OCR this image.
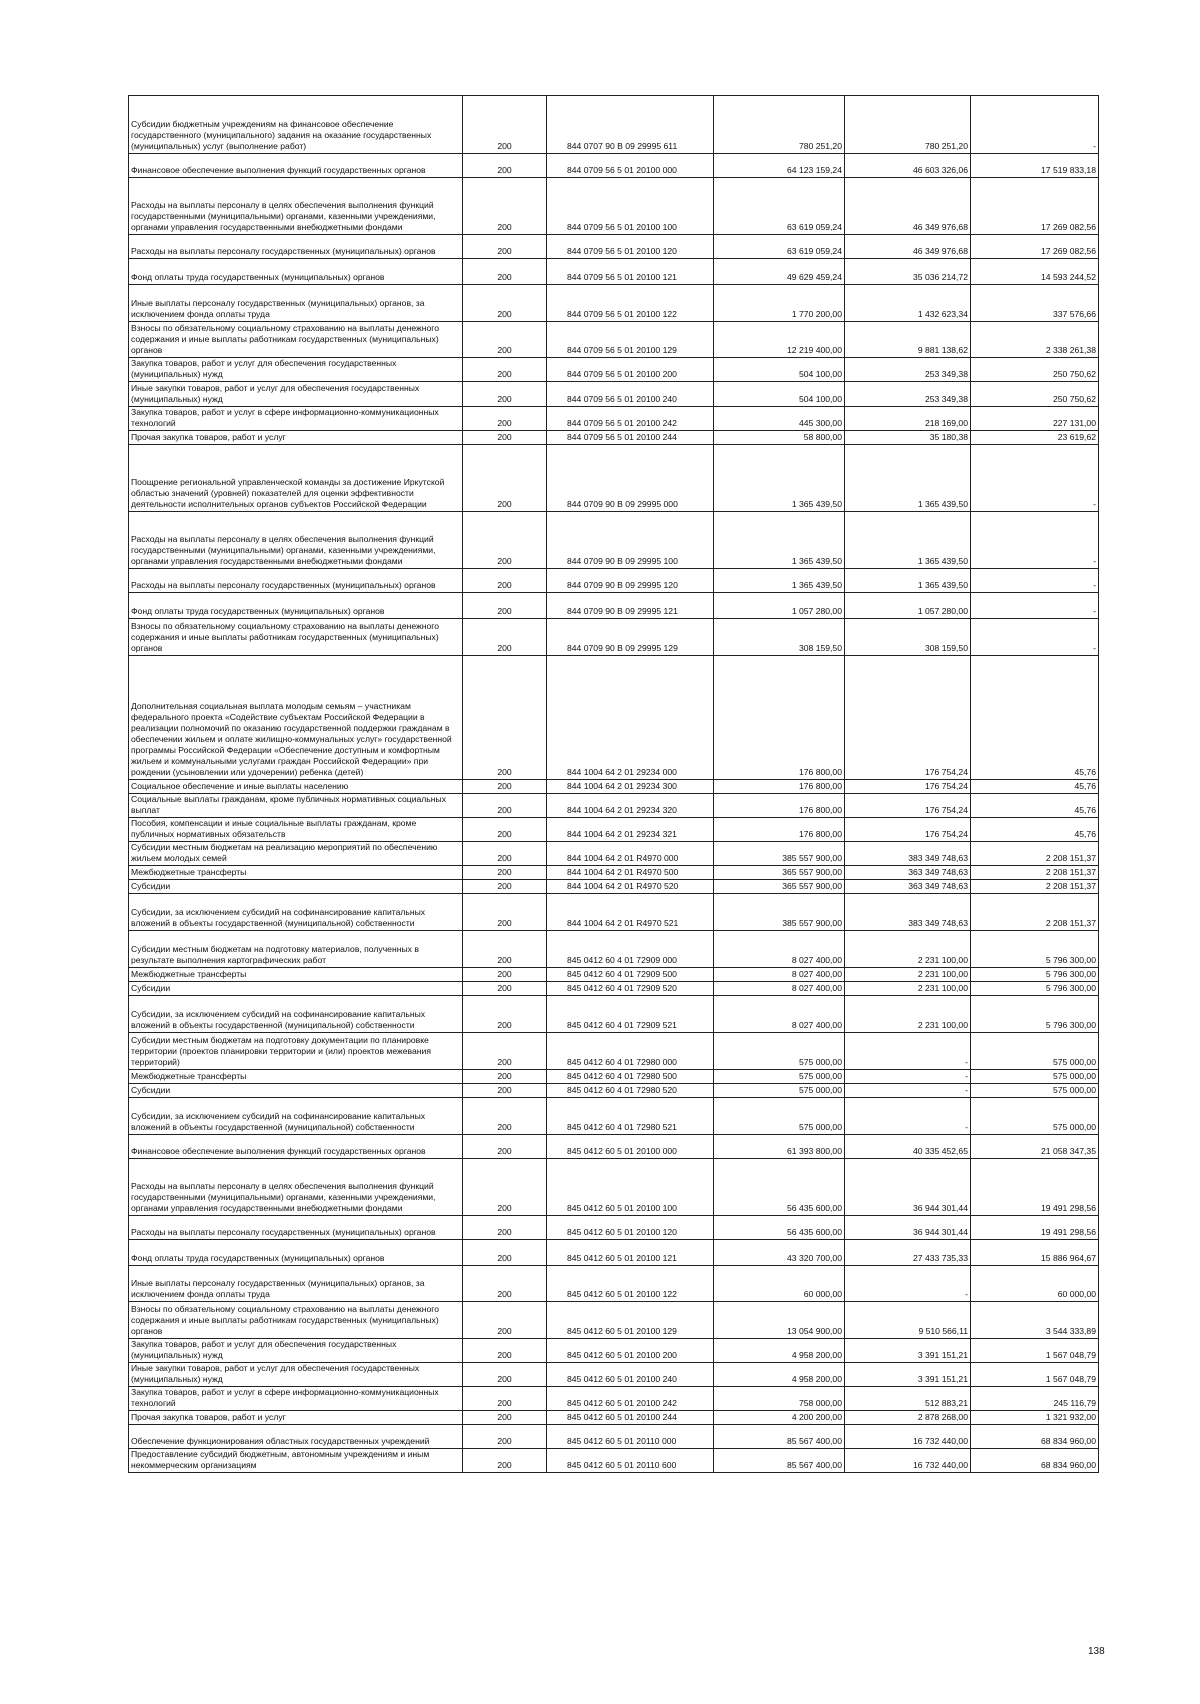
Субсидии бюджетным учреждениям на финансовое обеспечение государственного (муниципального) задания на оказание государственных (муниципальных) услуг (выполнение работ)	200	844 0707 90 В 09 29995 611	780 251,20	780 251,20	-
Финансовое обеспечение выполнения функций государственных органов	200	844 0709 56 5 01 20100 000	64 123 159,24	46 603 326,06	17 519 833,18
Расходы на выплаты персоналу в целях обеспечения выполнения функций государственными (муниципальными) органами, казенными учреждениями, органами управления государственными внебюджетными фондами	200	844 0709 56 5 01 20100 100	63 619 059,24	46 349 976,68	17 269 082,56
Расходы на выплаты персоналу государственных (муниципальных) органов	200	844 0709 56 5 01 20100 120	63 619 059,24	46 349 976,68	17 269 082,56
Фонд оплаты труда государственных (муниципальных) органов	200	844 0709 56 5 01 20100 121	49 629 459,24	35 036 214,72	14 593 244,52
Иные выплаты персоналу государственных (муниципальных) органов, за исключением фонда оплаты труда	200	844 0709 56 5 01 20100 122	1 770 200,00	1 432 623,34	337 576,66
Взносы по обязательному социальному страхованию на выплаты денежного содержания и иные выплаты работникам государственных (муниципальных) органов	200	844 0709 56 5 01 20100 129	12 219 400,00	9 881 138,62	2 338 261,38
Закупка товаров, работ и услуг для обеспечения государственных (муниципальных) нужд	200	844 0709 56 5 01 20100 200	504 100,00	253 349,38	250 750,62
Иные закупки товаров, работ и услуг для обеспечения государственных (муниципальных) нужд	200	844 0709 56 5 01 20100 240	504 100,00	253 349,38	250 750,62
Закупка товаров, работ и услуг в сфере информационно-коммуникационных технологий	200	844 0709 56 5 01 20100 242	445 300,00	218 169,00	227 131,00
Прочая закупка товаров, работ и услуг	200	844 0709 56 5 01 20100 244	58 800,00	35 180,38	23 619,62
Поощрение региональной управленческой команды за достижение Иркутской областью значений (уровней) показателей для оценки эффективности деятельности исполнительных органов субъектов Российской Федерации	200	844 0709 90 В 09 29995 000	1 365 439,50	1 365 439,50	-
Расходы на выплаты персоналу в целях обеспечения выполнения функций государственными (муниципальными) органами, казенными учреждениями, органами управления государственными внебюджетными фондами	200	844 0709 90 В 09 29995 100	1 365 439,50	1 365 439,50	-
Расходы на выплаты персоналу государственных (муниципальных) органов	200	844 0709 90 В 09 29995 120	1 365 439,50	1 365 439,50	-
Фонд оплаты труда государственных (муниципальных) органов	200	844 0709 90 В 09 29995 121	1 057 280,00	1 057 280,00	-
Взносы по обязательному социальному страхованию на выплаты денежного содержания и иные выплаты работникам государственных (муниципальных) органов	200	844 0709 90 В 09 29995 129	308 159,50	308 159,50	-
Дополнительная социальная выплата молодым семьям – участникам федерального проекта «Содействие субъектам Российской Федерации в реализации полномочий по оказанию государственной поддержки гражданам в обеспечении жильем и оплате жилищно-коммунальных услуг» государственной программы Российской Федерации «Обеспечение доступным и комфортным жильем и коммунальными услугами граждан Российской Федерации» при рождении (усыновлении или удочерении) ребенка (детей)	200	844 1004 64 2 01 29234 000	176 800,00	176 754,24	45,76
Социальное обеспечение и иные выплаты населению	200	844 1004 64 2 01 29234 300	176 800,00	176 754,24	45,76
Социальные выплаты гражданам, кроме публичных нормативных социальных выплат	200	844 1004 64 2 01 29234 320	176 800,00	176 754,24	45,76
Пособия, компенсации и иные социальные выплаты гражданам, кроме публичных нормативных обязательств	200	844 1004 64 2 01 29234 321	176 800,00	176 754,24	45,76
Субсидии местным бюджетам на реализацию мероприятий по обеспечению жильем молодых семей	200	844 1004 64 2 01 R4970 000	385 557 900,00	383 349 748,63	2 208 151,37
Межбюджетные трансферты	200	844 1004 64 2 01 R4970 500	365 557 900,00	363 349 748,63	2 208 151,37
Субсидии	200	844 1004 64 2 01 R4970 520	365 557 900,00	363 349 748,63	2 208 151,37
Субсидии, за исключением субсидий на софинансирование капитальных вложений в объекты государственной (муниципальной) собственности	200	844 1004 64 2 01 R4970 521	385 557 900,00	383 349 748,63	2 208 151,37
Субсидии местным бюджетам на подготовку материалов, полученных в результате выполнения картографических работ	200	845 0412 60 4 01 72909 000	8 027 400,00	2 231 100,00	5 796 300,00
Межбюджетные трансферты	200	845 0412 60 4 01 72909 500	8 027 400,00	2 231 100,00	5 796 300,00
Субсидии	200	845 0412 60 4 01 72909 520	8 027 400,00	2 231 100,00	5 796 300,00
Субсидии, за исключением субсидий на софинансирование капитальных вложений в объекты государственной (муниципальной) собственности	200	845 0412 60 4 01 72909 521	8 027 400,00	2 231 100,00	5 796 300,00
Субсидии местным бюджетам на подготовку документации по планировке территории (проектов планировки территории и (или) проектов межевания территорий)	200	845 0412 60 4 01 72980 000	575 000,00	-	575 000,00
Межбюджетные трансферты	200	845 0412 60 4 01 72980 500	575 000,00	-	575 000,00
Субсидии	200	845 0412 60 4 01 72980 520	575 000,00	-	575 000,00
Субсидии, за исключением субсидий на софинансирование капитальных вложений в объекты государственной (муниципальной) собственности	200	845 0412 60 4 01 72980 521	575 000,00	-	575 000,00
Финансовое обеспечение выполнения функций государственных органов	200	845 0412 60 5 01 20100 000	61 393 800,00	40 335 452,65	21 058 347,35
Расходы на выплаты персоналу в целях обеспечения выполнения функций государственными (муниципальными) органами, казенными учреждениями, органами управления государственными внебюджетными фондами	200	845 0412 60 5 01 20100 100	56 435 600,00	36 944 301,44	19 491 298,56
Расходы на выплаты персоналу государственных (муниципальных) органов	200	845 0412 60 5 01 20100 120	56 435 600,00	36 944 301,44	19 491 298,56
Фонд оплаты труда государственных (муниципальных) органов	200	845 0412 60 5 01 20100 121	43 320 700,00	27 433 735,33	15 886 964,67
Иные выплаты персоналу государственных (муниципальных) органов, за исключением фонда оплаты труда	200	845 0412 60 5 01 20100 122	60 000,00	-	60 000,00
Взносы по обязательному социальному страхованию на выплаты денежного содержания и иные выплаты работникам государственных (муниципальных) органов	200	845 0412 60 5 01 20100 129	13 054 900,00	9 510 566,11	3 544 333,89
Закупка товаров, работ и услуг для обеспечения государственных (муниципальных) нужд	200	845 0412 60 5 01 20100 200	4 958 200,00	3 391 151,21	1 567 048,79
Иные закупки товаров, работ и услуг для обеспечения государственных (муниципальных) нужд	200	845 0412 60 5 01 20100 240	4 958 200,00	3 391 151,21	1 567 048,79
Закупка товаров, работ и услуг в сфере информационно-коммуникационных технологий	200	845 0412 60 5 01 20100 242	758 000,00	512 883,21	245 116,79
Прочая закупка товаров, работ и услуг	200	845 0412 60 5 01 20100 244	4 200 200,00	2 878 268,00	1 321 932,00
Обеспечение функционирования областных государственных учреждений	200	845 0412 60 5 01 20110 000	85 567 400,00	16 732 440,00	68 834 960,00
Предоставление субсидий бюджетным, автономным учреждениям и иным некоммерческим организациям	200	845 0412 60 5 01 20110 600	85 567 400,00	16 732 440,00	68 834 960,00
138
